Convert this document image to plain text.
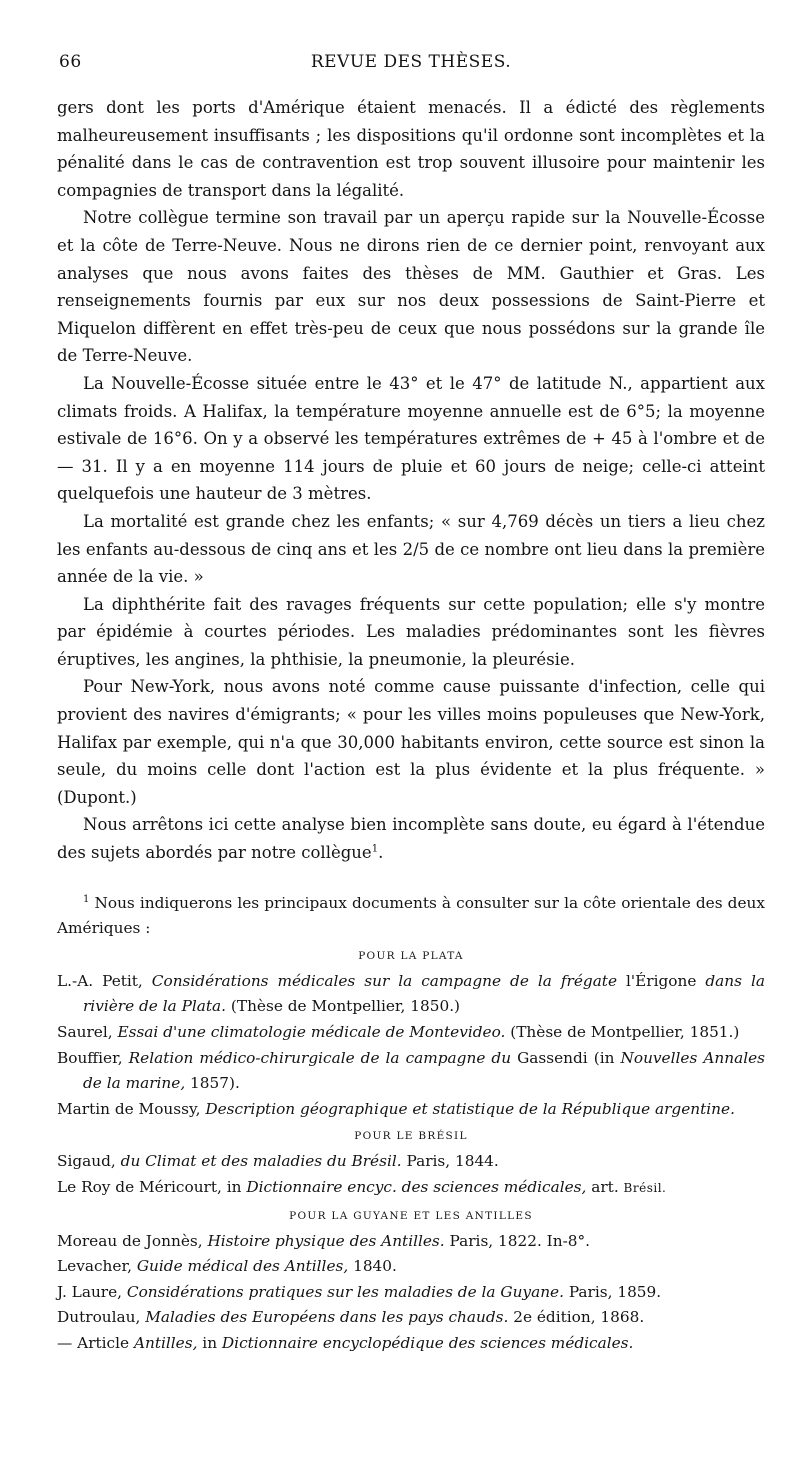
66	REVUE DES THÈSES.

gers dont les ports d'Amérique étaient menacés. Il a édicté des règlements malheureusement insuffisants ; les dispositions qu'il ordonne sont incomplètes et la pénalité dans le cas de contravention est trop souvent illusoire pour maintenir les compagnies de transport dans la légalité.

Notre collègue termine son travail par un aperçu rapide sur la Nouvelle-Écosse et la côte de Terre-Neuve. Nous ne dirons rien de ce dernier point, renvoyant aux analyses que nous avons faites des thèses de MM. Gauthier et Gras. Les renseignements fournis par eux sur nos deux possessions de Saint-Pierre et Miquelon diffèrent en effet très-peu de ceux que nous possédons sur la grande île de Terre-Neuve.

La Nouvelle-Écosse située entre le 43° et le 47° de latitude N., appartient aux climats froids. A Halifax, la température moyenne annuelle est de 6°5; la moyenne estivale de 16°6. On y a observé les températures extrêmes de + 45 à l'ombre et de — 31. Il y a en moyenne 114 jours de pluie et 60 jours de neige; celle-ci atteint quelquefois une hauteur de 3 mètres.

La mortalité est grande chez les enfants; « sur 4,769 décès un tiers a lieu chez les enfants au-dessous de cinq ans et les 2/5 de ce nombre ont lieu dans la première année de la vie. »

La diphthérite fait des ravages fréquents sur cette population; elle s'y montre par épidémie à courtes périodes. Les maladies prédominantes sont les fièvres éruptives, les angines, la phthisie, la pneumonie, la pleurésie.

Pour New-York, nous avons noté comme cause puissante d'infection, celle qui provient des navires d'émigrants; « pour les villes moins populeuses que New-York, Halifax par exemple, qui n'a que 30,000 habitants environ, cette source est sinon la seule, du moins celle dont l'action est la plus évidente et la plus fréquente. » (Dupont.)

Nous arrêtons ici cette analyse bien incomplète sans doute, eu égard à l'étendue des sujets abordés par notre collègue$^1$.

$^1$ Nous indiquerons les principaux documents à consulter sur la côte orientale des deux Amériques :

POUR LA PLATA

L.-A. Petit, Considérations médicales sur la campagne de la frégate l'Érigone dans la rivière de la Plata. (Thèse de Montpellier, 1850.)

Saurel, Essai d'une climatologie médicale de Montevideo. (Thèse de Montpellier, 1851.)

Bouffier, Relation médico-chirurgicale de la campagne du Gassendi (in Nouvelles Annales de la marine, 1857).

Martin de Moussy, Description géographique et statistique de la République argentine.

POUR LE BRÉSIL

Sigaud, du Climat et des maladies du Brésil. Paris, 1844.

Le Roy de Méricourt, in Dictionnaire encyc. des sciences médicales, art. Brésil.

POUR LA GUYANE ET LES ANTILLES

Moreau de Jonnès, Histoire physique des Antilles. Paris, 1822. In-8°.

Levacher, Guide médical des Antilles, 1840.

J. Laure, Considérations pratiques sur les maladies de la Guyane. Paris, 1859.

Dutroulau, Maladies des Européens dans les pays chauds. 2e édition, 1868.

— Article Antilles, in Dictionnaire encyclopédique des sciences médicales.
